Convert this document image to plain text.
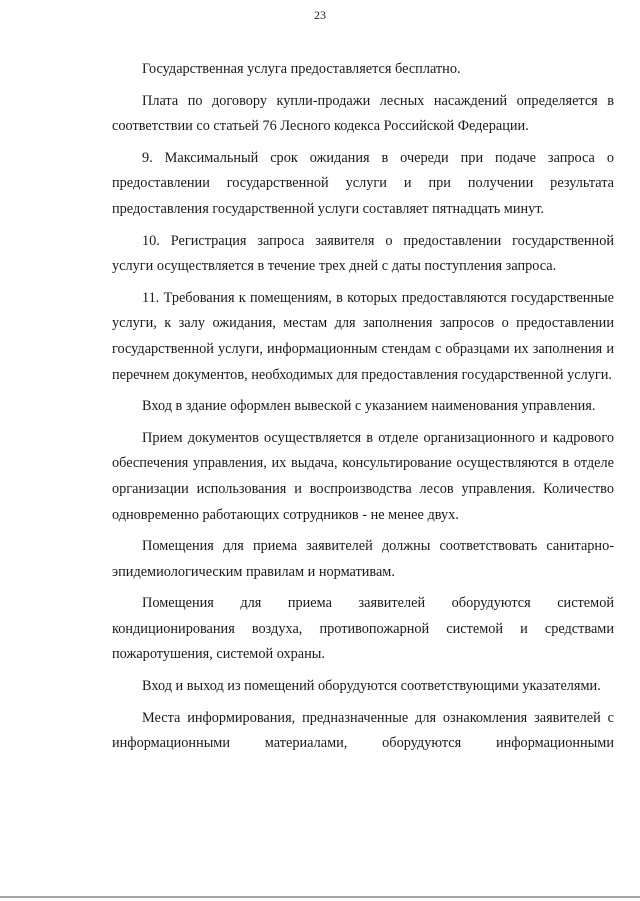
23

Государственная услуга предоставляется бесплатно.

Плата по договору купли-продажи лесных насаждений определяется в соответствии со статьей 76 Лесного кодекса Российской Федерации.

9. Максимальный срок ожидания в очереди при подаче запроса о предоставлении государственной услуги и при получении результата предоставления государственной услуги составляет пятнадцать минут.

10. Регистрация запроса заявителя о предоставлении государственной услуги осуществляется в течение трех дней с даты поступления запроса.

11. Требования к помещениям, в которых предоставляются государственные услуги, к залу ожидания, местам для заполнения запросов о предоставлении государственной услуги, информационным стендам с образцами их заполнения и перечнем документов, необходимых для предоставления государственной услуги.

Вход в здание оформлен вывеской с указанием наименования управления.

Прием документов осуществляется в отделе организационного и кадрового обеспечения управления, их выдача, консультирование осуществляются в отделе организации использования и воспроизводства лесов управления. Количество одновременно работающих сотрудников - не менее двух.

Помещения для приема заявителей должны соответствовать санитарно-эпидемиологическим правилам и нормативам.

Помещения для приема заявителей оборудуются системой кондиционирования воздуха, противопожарной системой и средствами пожаротушения, системой охраны.

Вход и выход из помещений оборудуются соответствующими указателями.

Места информирования, предназначенные для ознакомления заявителей с информационными материалами, оборудуются информационными
